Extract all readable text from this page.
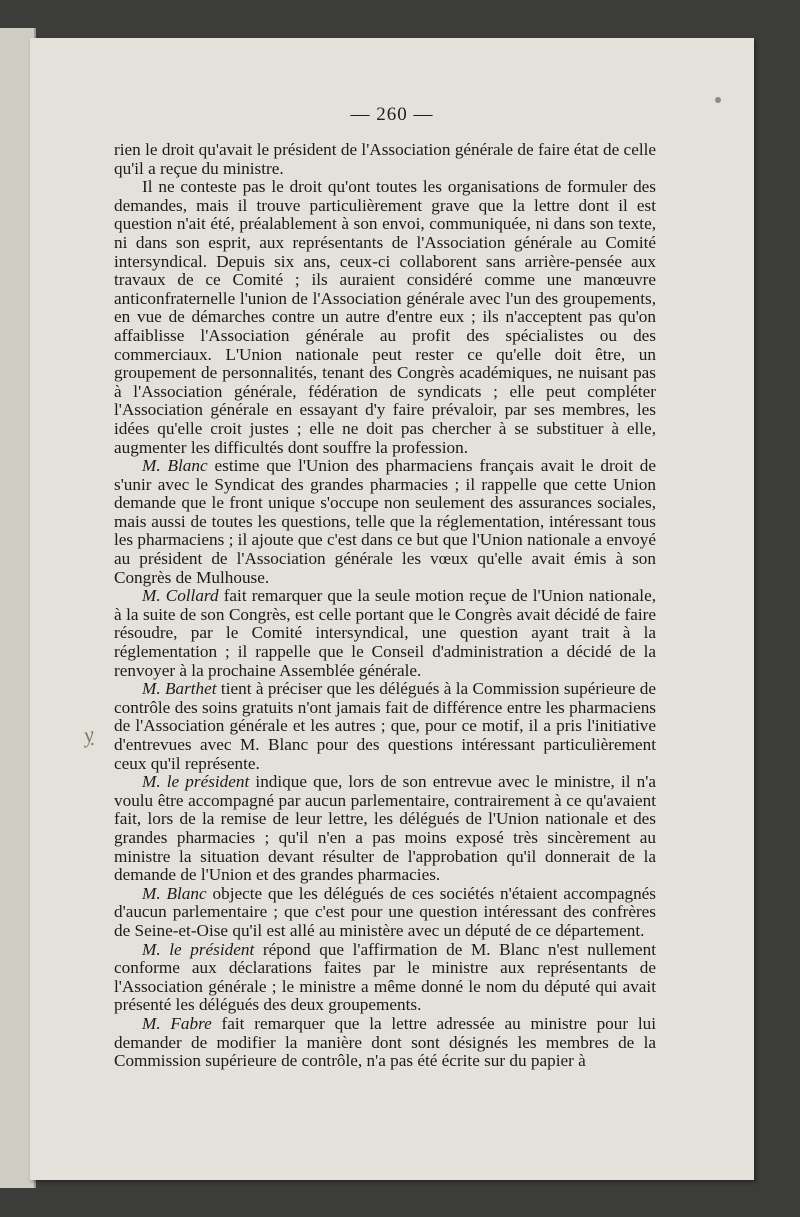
— 260 —
ỵ

rien le droit qu'avait le président de l'Association générale de faire état de celle qu'il a reçue du ministre.

Il ne conteste pas le droit qu'ont toutes les organisations de formuler des demandes, mais il trouve particulièrement grave que la lettre dont il est question n'ait été, préalablement à son envoi, communiquée, ni dans son texte, ni dans son esprit, aux représentants de l'Association générale au Comité intersyndical. Depuis six ans, ceux-ci collaborent sans arrière-pensée aux travaux de ce Comité ; ils auraient considéré comme une manœuvre anticonfraternelle l'union de l'Association générale avec l'un des groupements, en vue de démarches contre un autre d'entre eux ; ils n'acceptent pas qu'on affaiblisse l'Association générale au profit des spécialistes ou des commerciaux. L'Union nationale peut rester ce qu'elle doit être, un groupement de personnalités, tenant des Congrès académiques, ne nuisant pas à l'Association générale, fédération de syndicats ; elle peut compléter l'Association générale en essayant d'y faire prévaloir, par ses membres, les idées qu'elle croit justes ; elle ne doit pas chercher à se substituer à elle, augmenter les difficultés dont souffre la profession.

M. Blanc estime que l'Union des pharmaciens français avait le droit de s'unir avec le Syndicat des grandes pharmacies ; il rappelle que cette Union demande que le front unique s'occupe non seulement des assurances sociales, mais aussi de toutes les questions, telle que la réglementation, intéressant tous les pharmaciens ; il ajoute que c'est dans ce but que l'Union nationale a envoyé au président de l'Association générale les vœux qu'elle avait émis à son Congrès de Mulhouse.

M. Collard fait remarquer que la seule motion reçue de l'Union nationale, à la suite de son Congrès, est celle portant que le Congrès avait décidé de faire résoudre, par le Comité intersyndical, une question ayant trait à la réglementation ; il rappelle que le Conseil d'administration a décidé de la renvoyer à la prochaine Assemblée générale.

M. Barthet tient à préciser que les délégués à la Commission supérieure de contrôle des soins gratuits n'ont jamais fait de différence entre les pharmaciens de l'Association générale et les autres ; que, pour ce motif, il a pris l'initiative d'entrevues avec M. Blanc pour des questions intéressant particulièrement ceux qu'il représente.

M. le président indique que, lors de son entrevue avec le ministre, il n'a voulu être accompagné par aucun parlementaire, contrairement à ce qu'avaient fait, lors de la remise de leur lettre, les délégués de l'Union nationale et des grandes pharmacies ; qu'il n'en a pas moins exposé très sincèrement au ministre la situation devant résulter de l'approbation qu'il donnerait de la demande de l'Union et des grandes pharmacies.

M. Blanc objecte que les délégués de ces sociétés n'étaient accompagnés d'aucun parlementaire ; que c'est pour une question intéressant des confrères de Seine-et-Oise qu'il est allé au ministère avec un député de ce département.

M. le président répond que l'affirmation de M. Blanc n'est nullement conforme aux déclarations faites par le ministre aux représentants de l'Association générale ; le ministre a même donné le nom du député qui avait présenté les délégués des deux groupements.

M. Fabre fait remarquer que la lettre adressée au ministre pour lui demander de modifier la manière dont sont désignés les membres de la Commission supérieure de contrôle, n'a pas été écrite sur du papier à
